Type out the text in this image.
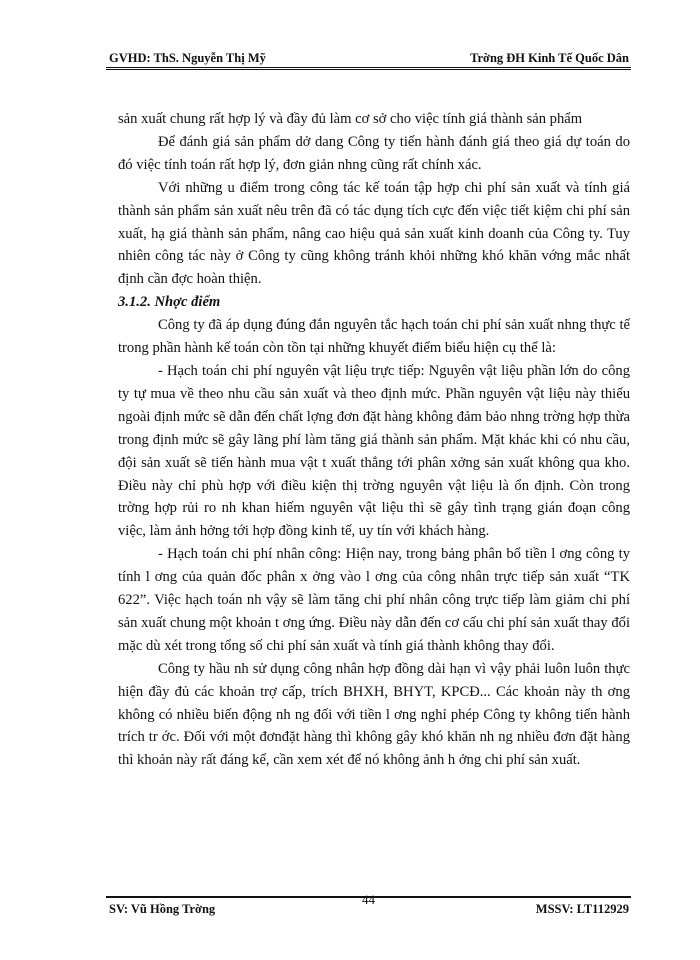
GVHD: ThS. Nguyễn Thị Mỹ	Trờng ĐH Kinh Tế Quốc Dân

sản xuất chung rất hợp lý và đầy đủ làm cơ sở cho việc tính giá thành sản phẩm

Để đánh giá sản phẩm dở dang Công ty tiến hành đánh giá theo giá dự toán do đó việc tính toán rất hợp lý, đơn giản nhng cũng rất chính xác.

Với những u điểm trong công tác kế toán tập hợp chi phí sản xuất và tính giá thành sản phẩm sản xuất nêu trên đã có tác dụng tích cực đến việc tiết kiệm chi phí sản xuất, hạ giá thành sản phẩm, nâng cao hiệu quả sản xuất kinh doanh của Công ty. Tuy nhiên công tác này ở Công ty cũng không tránh khỏi những khó khăn vớng mắc nhất định cần đợc hoàn thiện.

3.1.2. Nhợc điểm

Công ty đã áp dụng đúng đắn nguyên tắc hạch toán chi phí sản xuất nhng thực tế trong phần hành kế toán còn tồn tại những khuyết điểm biểu hiện cụ thể là:

- Hạch toán chi phí nguyên vật liệu trực tiếp: Nguyên vật liệu phần lớn do công ty tự mua về theo nhu cầu sản xuất và theo định mức. Phần nguyên vật liệu này thiếu ngoài định mức sẽ dẫn đến chất lợng đơn đặt hàng không đảm bảo nhng trờng hợp thừa trong định mức sẽ gây lãng phí làm tăng giá thành sản phẩm. Mặt khác khi có nhu cầu, đội sản xuất sẽ tiến hành mua vật t xuất thẳng tới phân xởng sản xuất không qua kho. Điều này chỉ phù hợp với điều kiện thị trờng nguyên vật liệu là ổn định. Còn trong trờng hợp rủi ro nh khan hiếm nguyên vật liệu thì sẽ gây tình trạng gián đoạn công việc, làm ảnh hởng tới hợp đồng kinh tế, uy tín với khách hàng.

- Hạch toán chi phí nhân công: Hiện nay, trong bảng phân bổ tiền l ơng công ty tính l ơng của quản đốc phân x ởng vào l ơng của công nhân trực tiếp sản xuất “TK 622”. Việc hạch toán nh vậy sẽ làm tăng chi phí nhân công trực tiếp làm giảm chi phí sản xuất chung một khoản t ơng ứng. Điều này dẫn đến cơ cấu chi phí sản xuất thay đổi mặc dù xét trong tổng số chi phí sản xuất và tính giá thành không thay đổi.

Công ty hầu nh sử dụng công nhân hợp đồng dài hạn vì vậy phải luôn luôn thực hiện đầy đủ các khoản trợ cấp, trích BHXH, BHYT, KPCĐ... Các khoản này th ơng không có nhiều biến động nh ng đối với tiền l ơng nghỉ phép Công ty không tiến hành trích tr ớc. Đối với một đơnđặt hàng thì không gây khó khăn nh ng nhiều đơn đặt hàng thì khoản này rất đáng kể, cần xem xét để nó không ảnh h ởng chi phí sản xuất.

SV: Vũ Hồng Trờng
44
MSSV: LT112929
